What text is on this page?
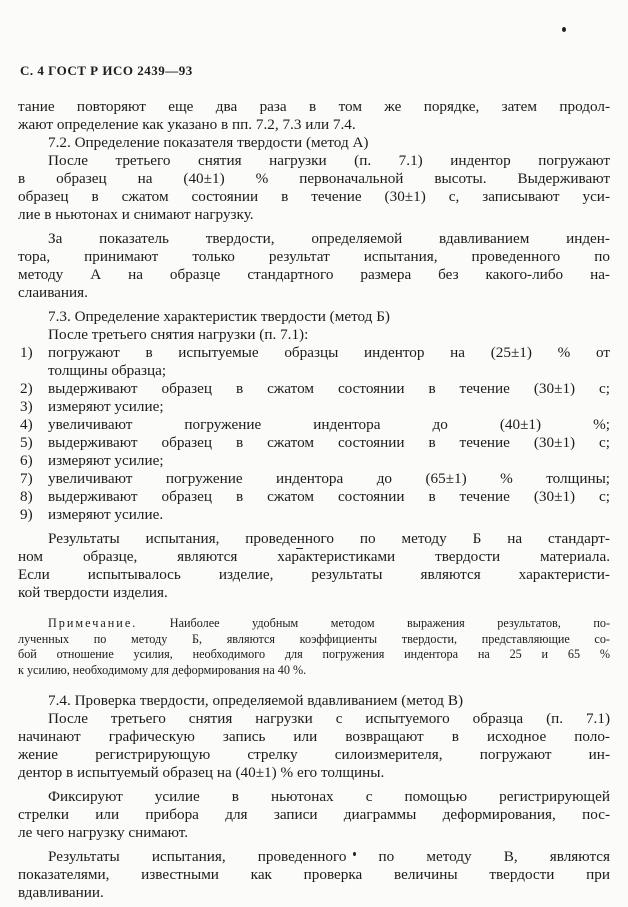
С. 4 ГОСТ Р ИСО 2439—93
тание повторяют еще два раза в том же порядке, затем продол-
жают определение как указано в пп. 7.2, 7.3 или 7.4.
7.2. Определение показателя твердости (метод А)
После третьего снятия нагрузки (п. 7.1) индентор погружают
в образец на (40±1) % первоначальной высоты. Выдерживают
образец в сжатом состоянии в течение (30±1) с, записывают уси-
лие в ньютонах и снимают нагрузку.
За показатель твердости, определяемой вдавливанием инден-
тора, принимают только результат испытания, проведенного по
методу А на образце стандартного размера без какого-либо на-
слаивания.
7.3. Определение характеристик твердости (метод Б)
После третьего снятия нагрузки (п. 7.1):
1) погружают в испытуемые образцы индентор на (25±1) % от
толщины образца;
2) выдерживают образец в сжатом состоянии в течение (30±1) с;
3) измеряют усилие;
4) увеличивают погружение индентора до (40±1) %;
5) выдерживают образец в сжатом состоянии в течение (30±1) с;
6) измеряют усилие;
7) увеличивают погружение индентора до (65±1) % толщины;
8) выдерживают образец в сжатом состоянии в течение (30±1) с;
9) измеряют усилие.
Результаты испытания, проведенного по методу Б на стандарт-
ном образце, являются характеристиками твердости материала.
Если испытывалось изделие, результаты являются характеристи-
кой твердости изделия.
Примечание. Наиболее удобным методом выражения результатов, по-
лученных по методу Б, являются коэффициенты твердости, представляющие со-
бой отношение усилия, необходимого для погружения индентора на 25 и 65 %
к усилию, необходимому для деформирования на 40 %.
7.4. Проверка твердости, определяемой вдавливанием (метод В)
После третьего снятия нагрузки с испытуемого образца (п. 7.1)
начинают графическую запись или возвращают в исходное поло-
жение регистрирующую стрелку силоизмерителя, погружают ин-
дентор в испытуемый образец на (40±1) % его толщины.
Фиксируют усилие в ньютонах с помощью регистрирующей
стрелки или прибора для записи диаграммы деформирования, пос-
ле чего нагрузку снимают.
Результаты испытания, проведенного по методу В, являются
показателями, известными как проверка величины твердости при
вдавливании.
